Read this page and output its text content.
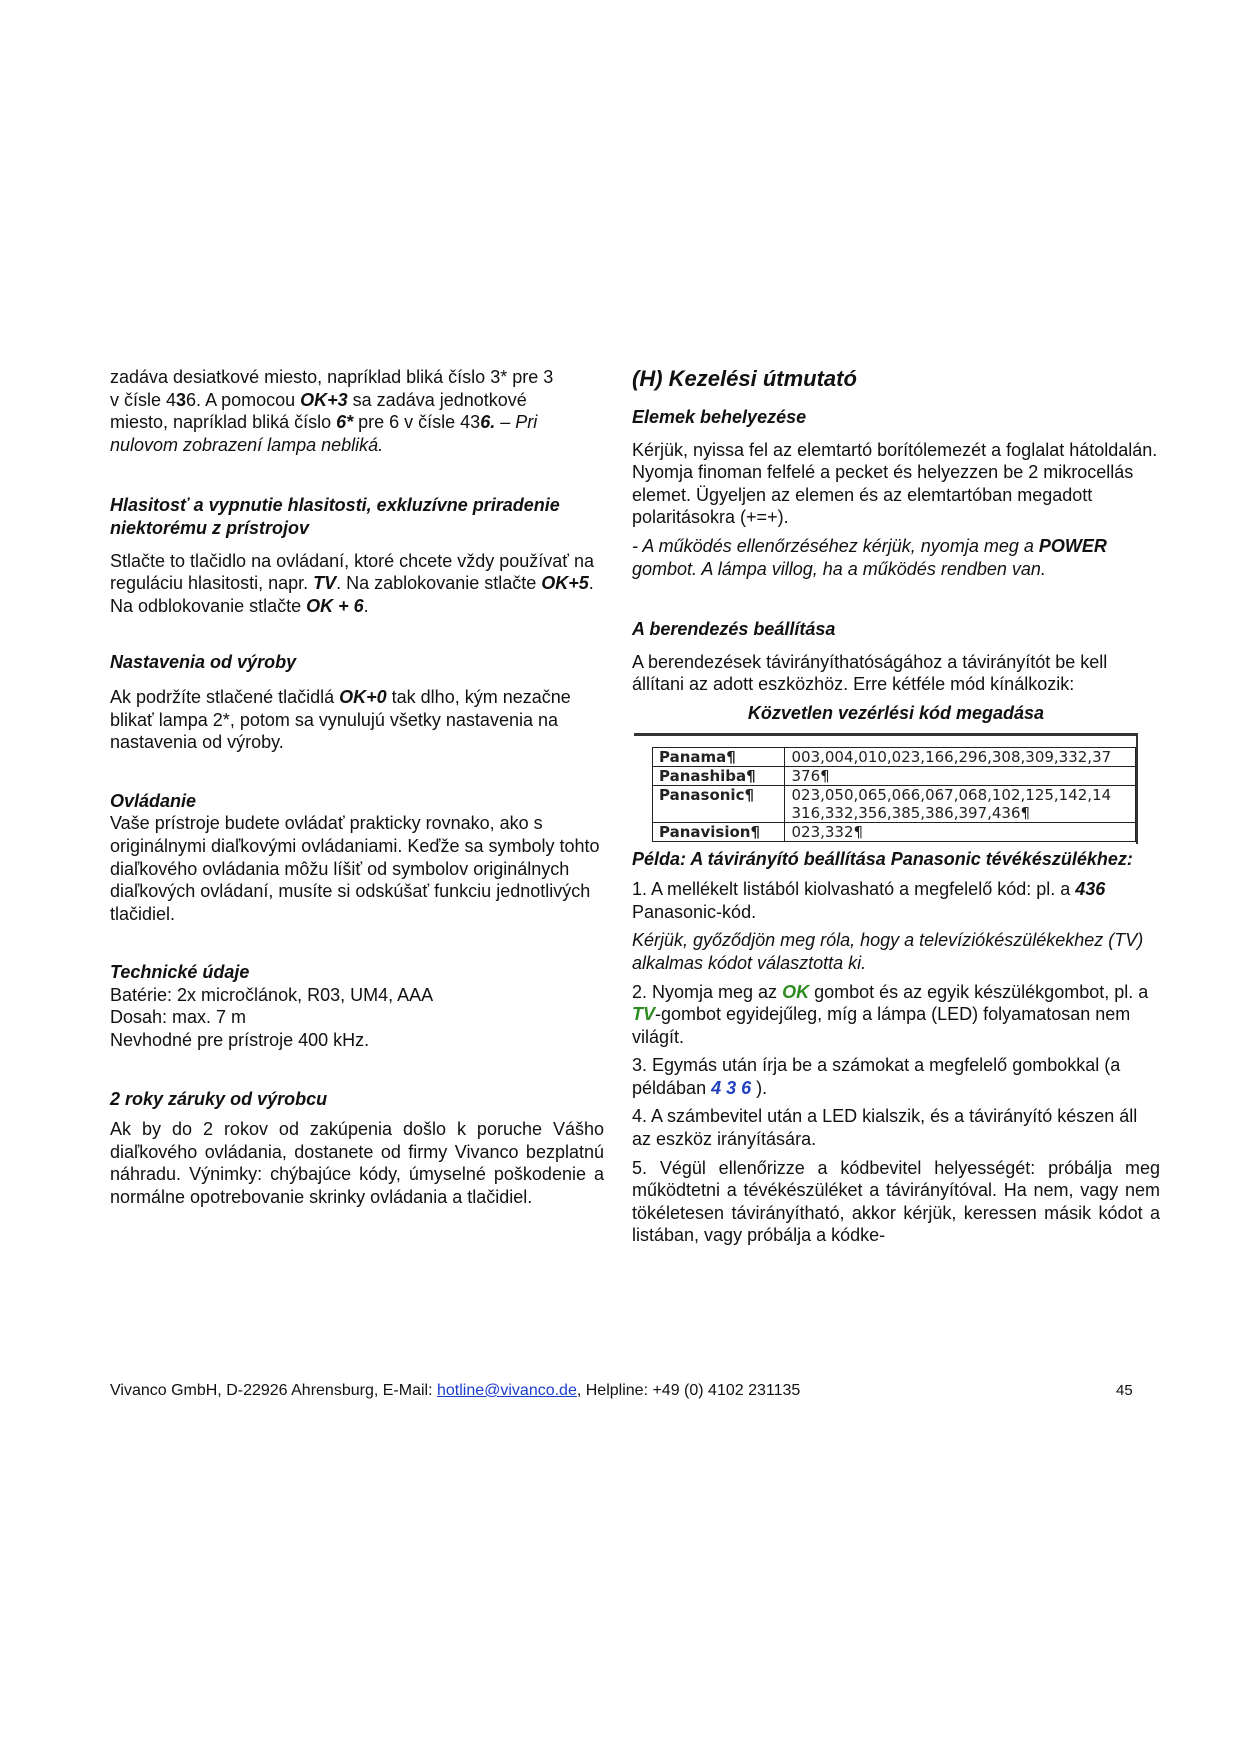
zadáva desiatkové miesto, napríklad bliká číslo 3* pre 3
v čísle 436. A pomocou OK+3 sa zadáva jednotkové
miesto, napríklad bliká číslo 6* pre 6 v čísle 436. – Pri
nulovom zobrazení lampa nebliká.

Hlasitosť a vypnutie hlasitosti, exkluzívne priradenie niektorému z prístrojov

Stlačte to tlačidlo na ovládaní, ktoré chcete vždy používať na reguláciu hlasitosti, napr. TV. Na zablokovanie stlačte OK+5. Na odblokovanie stlačte OK + 6.

Nastavenia od výroby

Ak podržíte stlačené tlačidlá OK+0 tak dlho, kým nezačne blikať lampa 2*, potom sa vynulujú všetky nastavenia na nastavenia od výroby.

Ovládanie

Vaše prístroje budete ovládať prakticky rovnako, ako s originálnymi diaľkovými ovládaniami. Keďže sa symboly tohto diaľkového ovládania môžu líšiť od symbolov originálnych diaľkových ovládaní, musíte si odskúšať funkciu jednotlivých tlačidiel.

Technické údaje

Batérie: 2x micročlánok, R03, UM4, AAA

Dosah: max. 7 m

Nevhodné pre prístroje 400 kHz.

2 roky záruky od výrobcu

Ak by do 2 rokov od zakúpenia došlo k poruche Vášho diaľkového ovládania, dostanete od firmy Vivanco bezplatnú náhradu. Výnimky: chýbajúce kódy, úmyselné poškodenie a normálne opotrebovanie skrinky ovládania a tlačidiel.

(H) Kezelési útmutató

Elemek behelyezése

Kérjük, nyissa fel az elemtartó borítólemezét a foglalat hátoldalán. Nyomja finoman felfelé a pecket és helyezzen be 2 mikrocellás elemet. Ügyeljen az elemen és az elemtartóban megadott polaritásokra (+=+).

- A működés ellenőrzéséhez kérjük, nyomja meg a POWER gombot. A lámpa villog, ha a működés rendben van.

A berendezés beállítása

A berendezések távirányíthatóságához a távirányítót be kell állítani az adott eszközhöz. Erre kétféle mód kínálkozik:

Közvetlen vezérlési kód megadása

Panama¶	003,004,010,023,166,296,308,309,332,37
Panashiba¶	376¶
Panasonic¶	023,050,065,066,067,068,102,125,142,14 316,332,356,385,386,397,436¶
Panavision¶	023,332¶

Példa: A távirányító beállítása Panasonic tévékészülékhez:

1. A mellékelt listából kiolvasható a megfelelő kód: pl. a 436 Panasonic-kód.

Kérjük, győződjön meg róla, hogy a televíziókészülékekhez (TV) alkalmas kódot választotta ki.

2. Nyomja meg az OK gombot és az egyik készülékgombot, pl. a TV-gombot egyidejűleg, míg a lámpa (LED) folyamatosan nem világít.

3. Egymás után írja be a számokat a megfelelő gombokkal (a példában 4 3 6 ).

4. A számbevitel után a LED kialszik, és a távirányító készen áll az eszköz irányítására.

5. Végül ellenőrizze a kódbevitel helyességét: próbálja meg működtetni a tévékészüléket a távirányítóval. Ha nem, vagy nem tökéletesen távirányítható, akkor kérjük, keressen másik kódot a listában, vagy próbálja a kódke-

Vivanco GmbH, D-22926 Ahrensburg, E-Mail: hotline@vivanco.de, Helpline: +49 (0) 4102 231135	45
